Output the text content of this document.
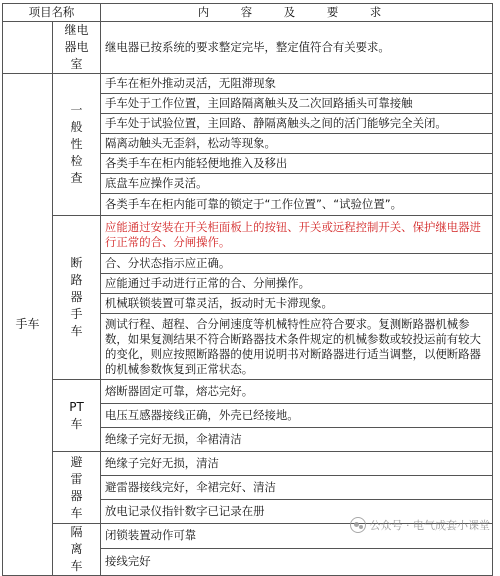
项目名称		内 容 及 要 求
	继电器电室	继电器已按系统的要求整定完毕，整定值符合有关要求。
手车	一般性检查	手车在柜外推动灵活，无阻滞现象
		手车处于工作位置，主回路隔离触头及二次回路插头可靠接触
		手车处于试验位置，主回路、静隔离触头之间的活门能够完全关闭。
		隔离动触头无歪斜，松动等现象。
		各类手车在柜内能轻便地推入及移出
		底盘车应操作灵活。
		各类手车在柜内能可靠的锁定于“工作位置”、“试验位置”。
	断路器手车	应能通过安装在开关柜面板上的按钮、开关或远程控制开关、保护继电器进行正常的合、分闸操作。
		合、分状态指示应正确。
		应能通过手动进行正常的合、分闸操作。
		机械联锁装置可靠灵活，扳动时无卡滞现象。
		测试行程、超程、合分闸速度等机械特性应符合要求。复测断路器机械参数，如果复测结果不符合断路器技术条件规定的机械参数或较投运前有较大的变化，则应按照断路器的使用说明书对断路器进行适当调整，以便断路器的机械参数恢复到正常状态。
	PT车	熔断器固定可靠，熔芯完好。
		电压互感器接线正确，外壳已经接地。
		绝缘子完好无损，伞裙清洁
	避雷器车	绝缘子完好无损，清洁
		避雷器接线完好，伞裙完好、清洁
		放电记录仪指针数字已记录在册
	隔离车	闭锁装置动作可靠
		接线完好
公众号 · 电气成套小课堂
